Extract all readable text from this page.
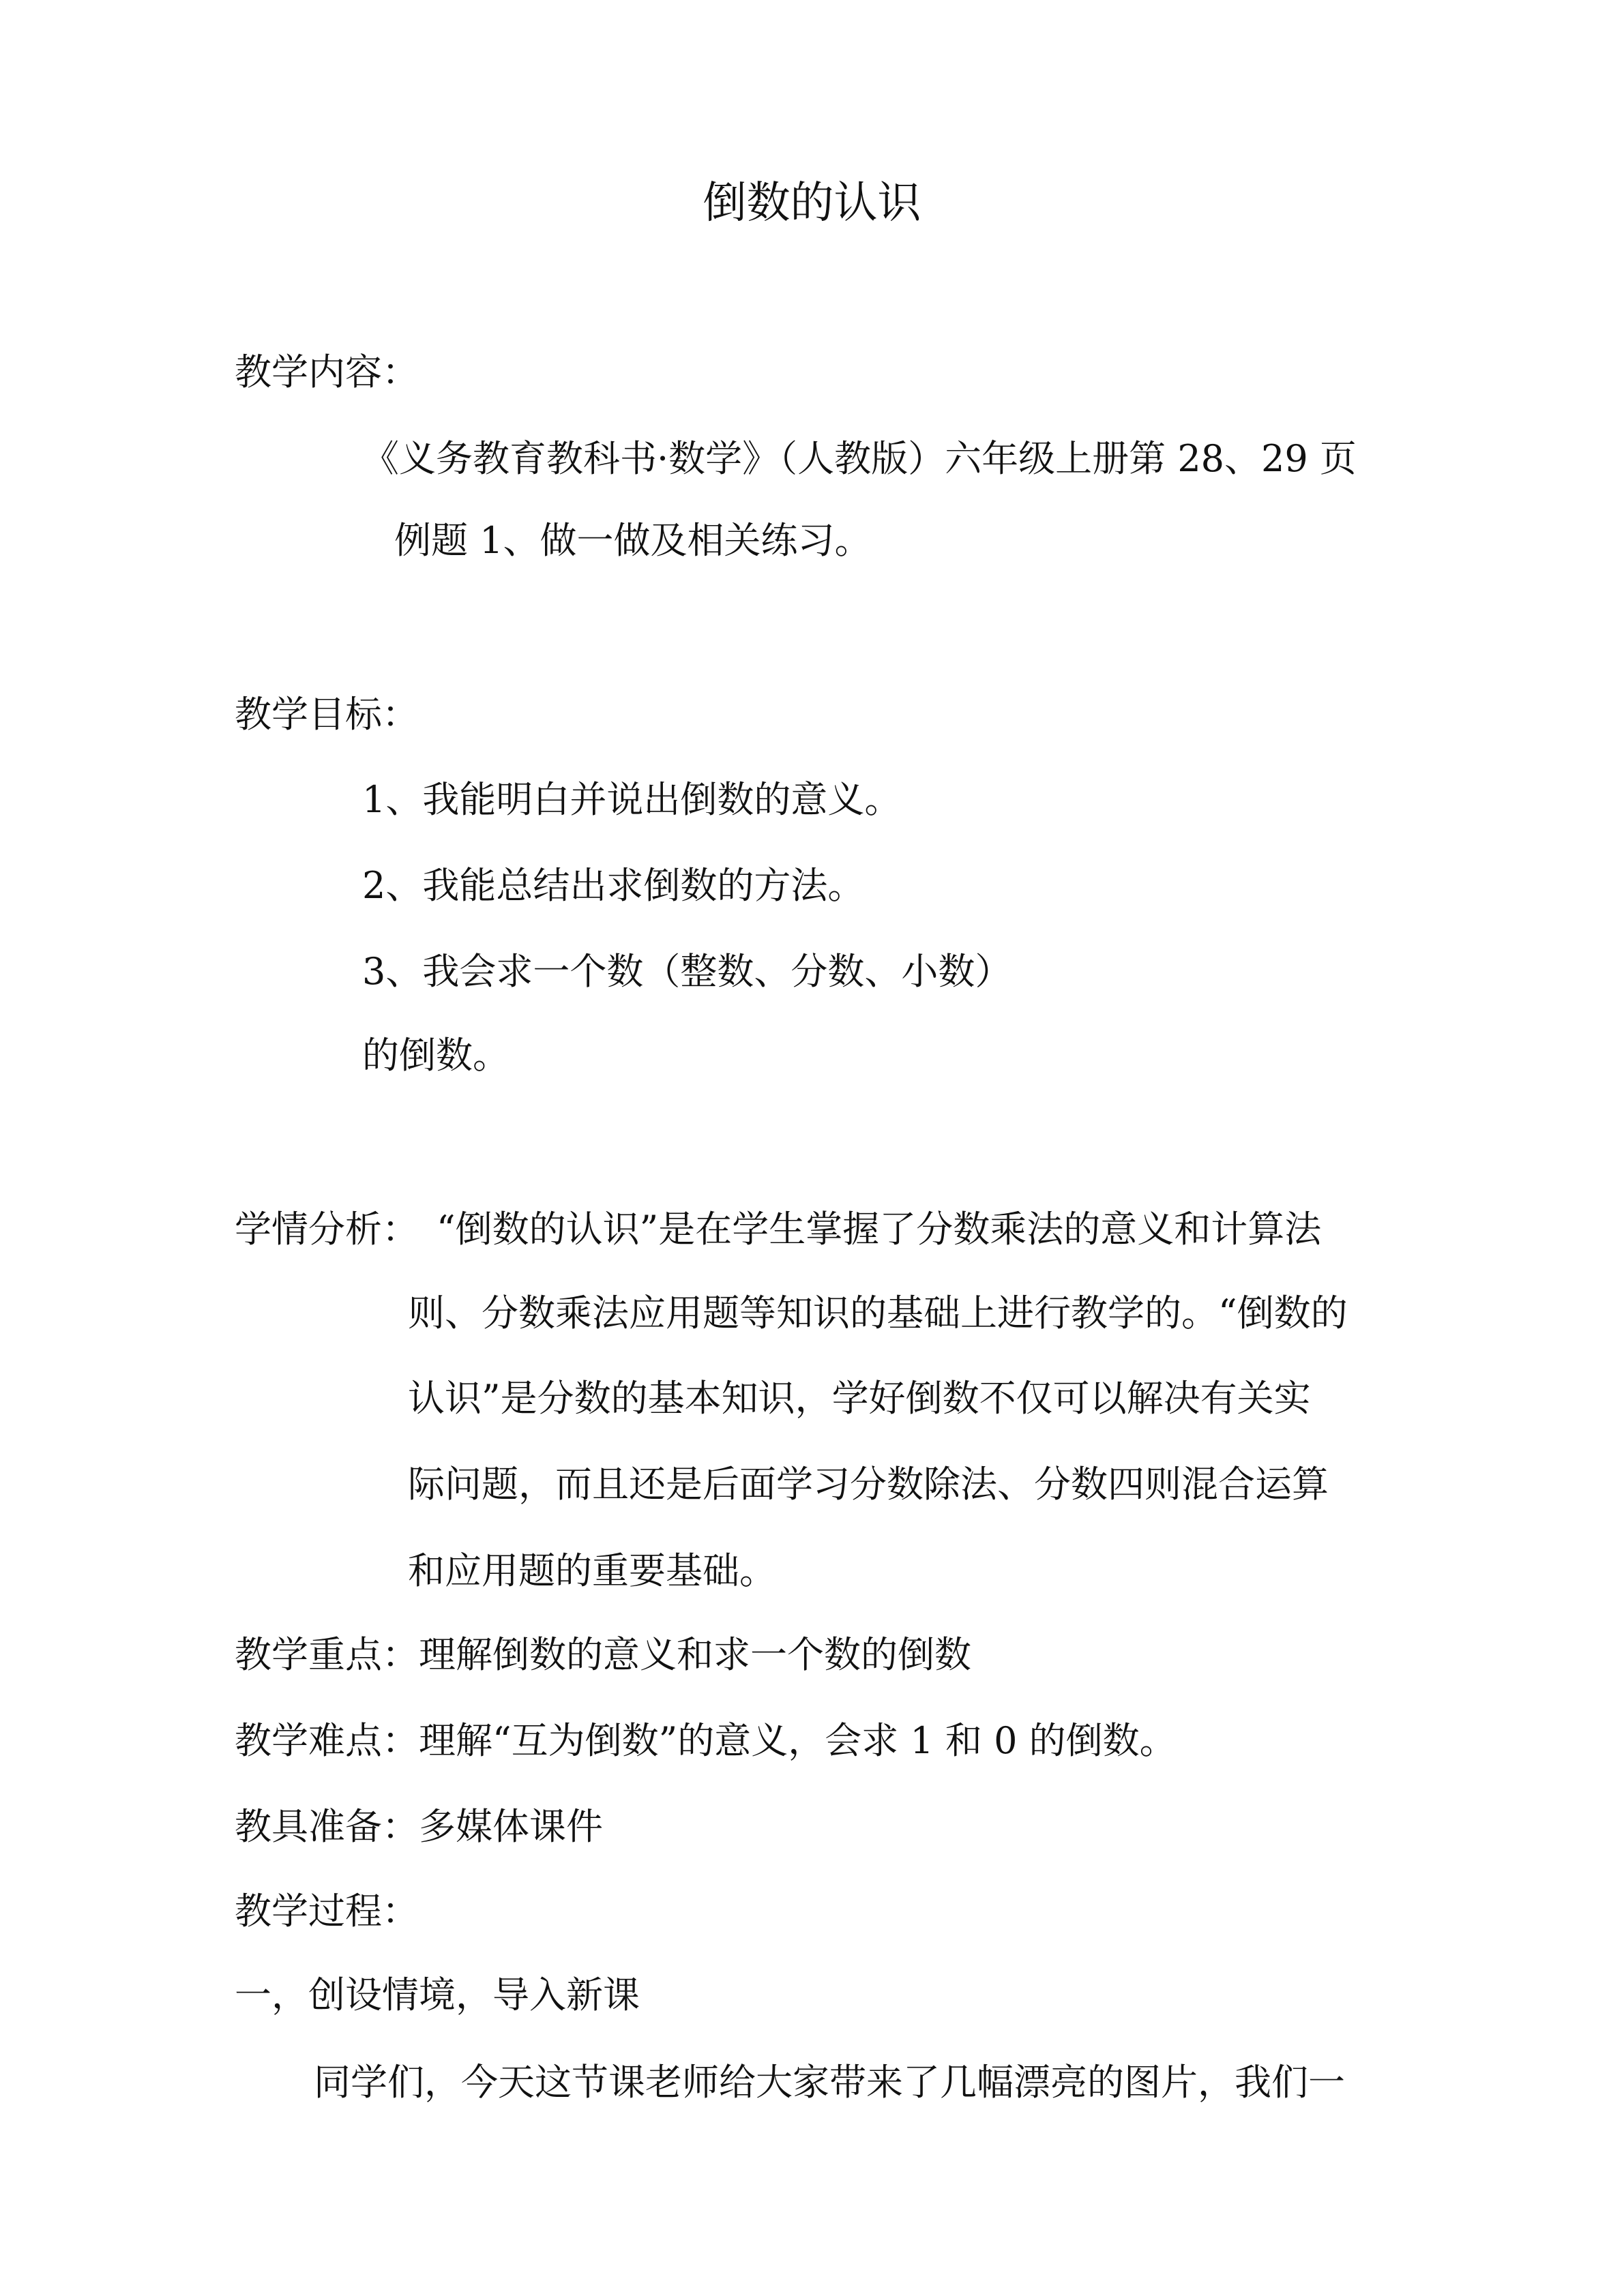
倒数的认识
教学内容：
《义务教育教科书·数学》（人教版）六年级上册第 28、29 页
例题 1、做一做及相关练习。
教学目标：
1、我能明白并说出倒数的意义。
2、我能总结出求倒数的方法。
3、我会求一个数（整数、分数、小数）
的倒数。
学情分析： “倒数的认识”是在学生掌握了分数乘法的意义和计算法
则、分数乘法应用题等知识的基础上进行教学的。“倒数的
认识”是分数的基本知识，学好倒数不仅可以解决有关实
际问题，而且还是后面学习分数除法、分数四则混合运算
和应用题的重要基础。
教学重点：理解倒数的意义和求一个数的倒数
教学难点：理解“互为倒数”的意义，会求 1 和 0 的倒数。
教具准备：多媒体课件
教学过程：
一，创设情境，导入新课
同学们，今天这节课老师给大家带来了几幅漂亮的图片，我们一
